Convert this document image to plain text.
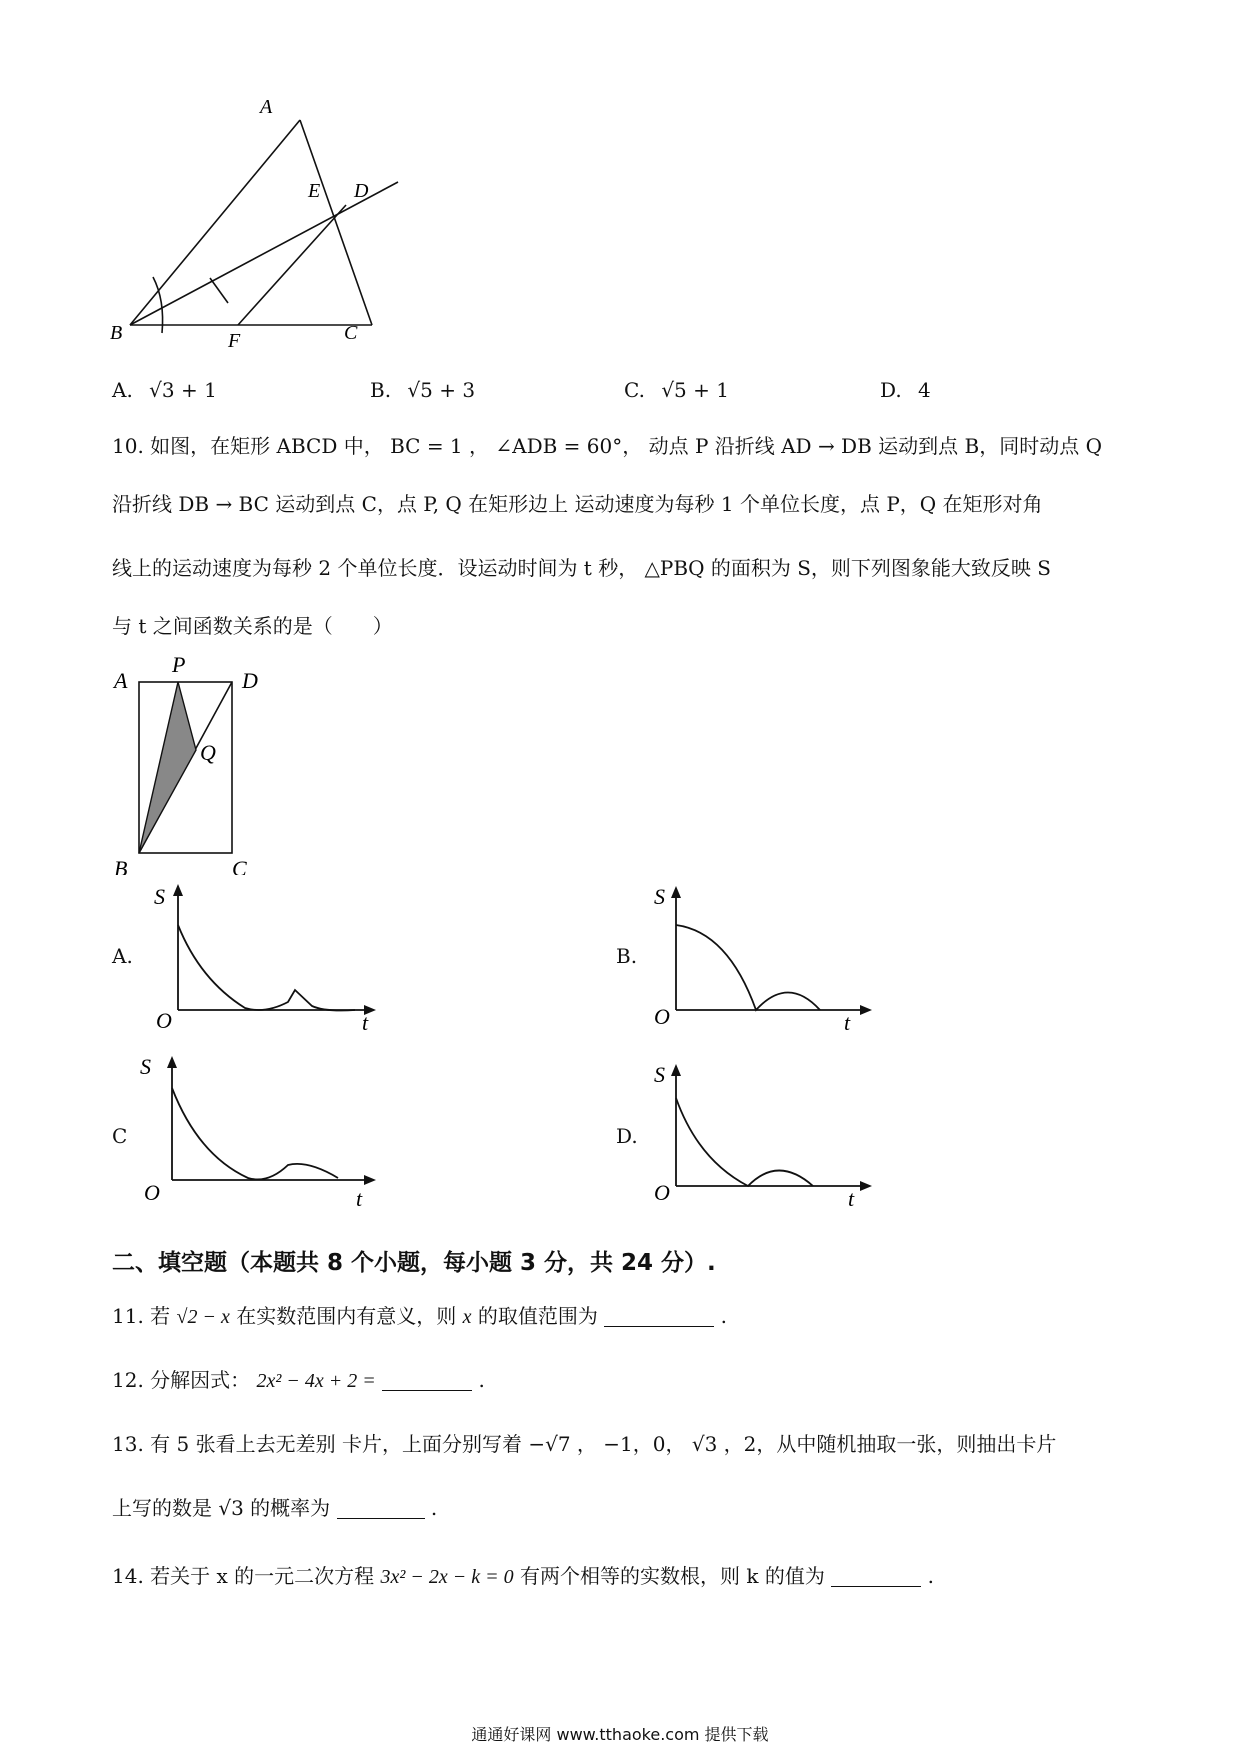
A
E D
B	F	C
A. √3 + 1	B. √5 + 3	C. √5 + 1	D. 4
10. 如图，在矩形 ABCD 中， BC = 1 ， ∠ADB = 60°， 动点 P 沿折线 AD → DB 运动到点 B，同时动点 Q
沿折线 DB → BC 运动到点 C，点 P, Q 在矩形边上 运动速度为每秒 1 个单位长度，点 P，Q 在矩形对角
线上的运动速度为每秒 2 个单位长度．设运动时间为 t 秒， △PBQ 的面积为 S，则下列图象能大致反映 S
与 t 之间函数关系的是（　　）
A
P
D
Q
B	C
A.
S
O	t
B.
S
O	t
C
S
O	t
D.
S
O	t
二、填空题（本题共 8 个小题，每小题 3 分，共 24 分）.
11. 若 √2 − x 在实数范围内有意义，则 x 的取值范围为	.
12. 分解因式： 2x² − 4x + 2 =	.
13. 有 5 张看上去无差别 卡片，上面分别写着 −√7 ， −1，0， √3 ，2，从中随机抽取一张，则抽出卡片
上写的数是 √3 的概率为	.
14. 若关于 x 的一元二次方程 3x² − 2x − k = 0 有两个相等的实数根，则 k 的值为	.
通通好课网 www.tthaoke.com 提供下载
